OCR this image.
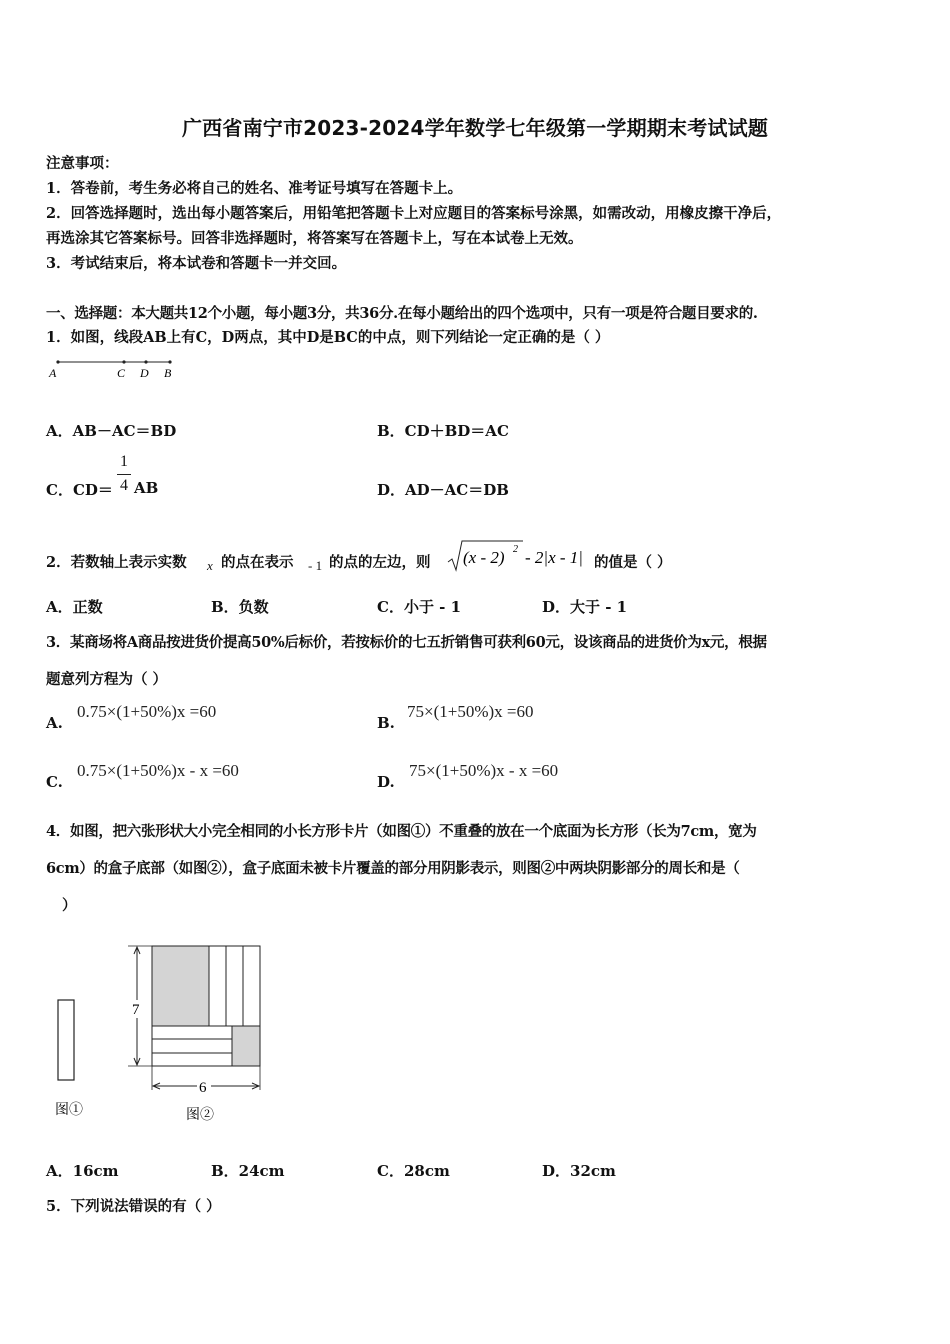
广西省南宁市2023-2024学年数学七年级第一学期期末考试试题
注意事项：
1．答卷前，考生务必将自己的姓名、准考证号填写在答题卡上。
2．回答选择题时，选出每小题答案后，用铅笔把答题卡上对应题目的答案标号涂黑，如需改动，用橡皮擦干净后，
再选涂其它答案标号。回答非选择题时，将答案写在答题卡上，写在本试卷上无效。
3．考试结束后，将本试卷和答题卡一并交回。
一、选择题：本大题共12个小题，每小题3分，共36分.在每小题给出的四个选项中，只有一项是符合题目要求的.
1．如图，线段AB上有C，D两点，其中D是BC的中点，则下列结论一定正确的是（ ）
A	C D B
A．AB－AC＝BD	B．CD＋BD＝AC
C．CD＝
1
4 AB	D．AD－AC＝DB
2．若数轴上表示实数 x 的点在表示 - 1 的点的左边，则 (x - 2) 2 - 2|x - 1| 的值是（ ）
A．正数	B．负数	C．小于 - 1	D．大于 - 1
3．某商场将A商品按进货价提高50%后标价，若按标价的七五折销售可获利60元，设该商品的进货价为x元，根据
题意列方程为（ ）
A.
0.75×(1+50%)x =60
B.
75×(1+50%)x =60
C.
0.75×(1+50%)x - x =60
D.
75×(1+50%)x - x =60
4．如图，把六张形状大小完全相同的小长方形卡片（如图①）不重叠的放在一个底面为长方形（长为7cm，宽为
6cm）的盒子底部（如图②），盒子底面未被卡片覆盖的部分用阴影表示，则图②中两块阴影部分的周长和是（
）
图①
7
6
图②
A．16cm	B．24cm	C．28cm	D．32cm
5．下列说法错误的有（ ）
